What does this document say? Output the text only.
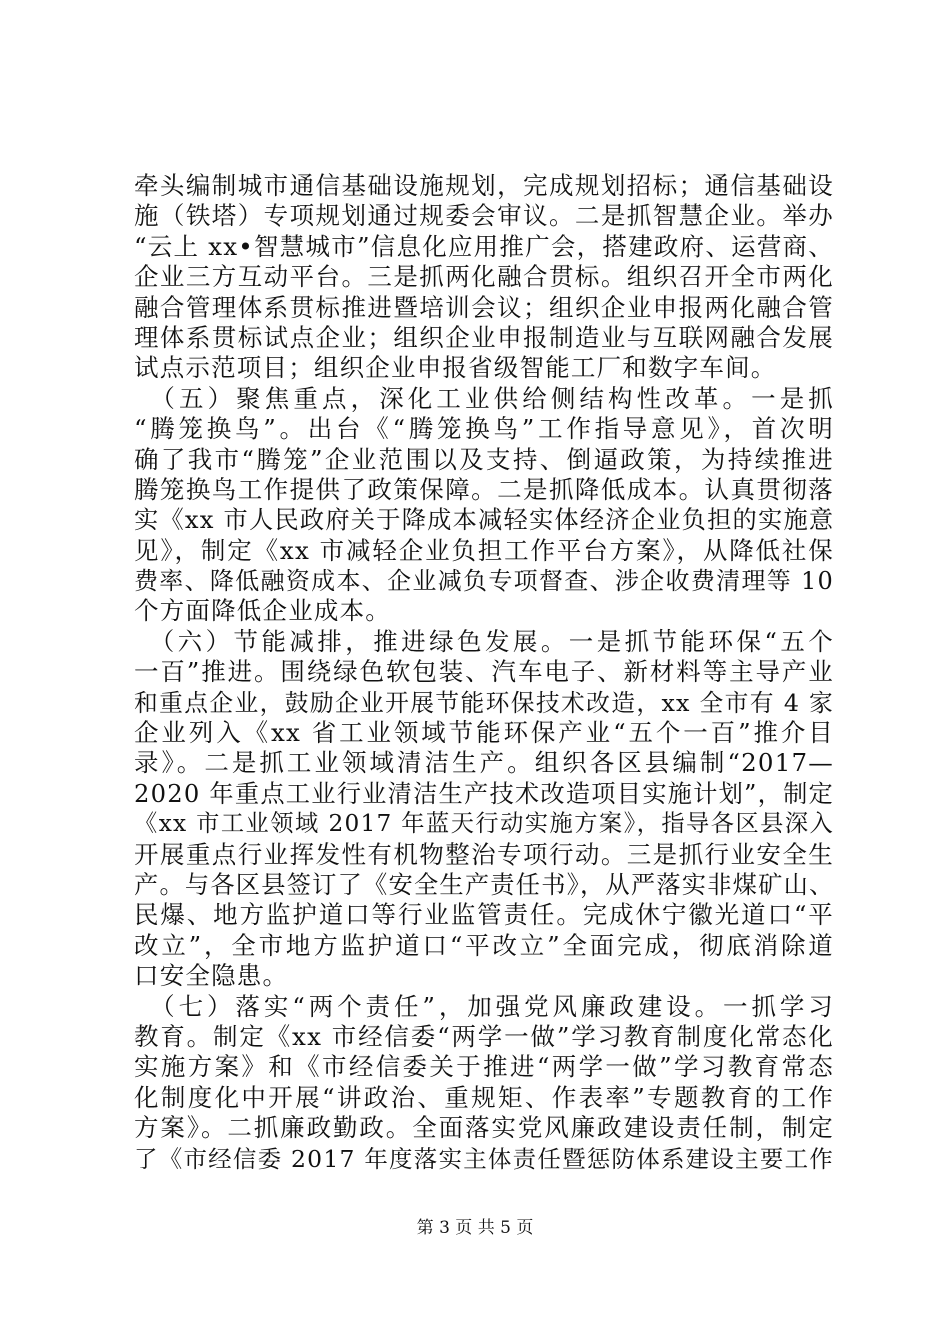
牵头编制城市通信基础设施规划，完成规划招标；通信基础设
施（铁塔）专项规划通过规委会审议。二是抓智慧企业。举办
“云上 xx•智慧城市”信息化应用推广会，搭建政府、运营商、
企业三方互动平台。三是抓两化融合贯标。组织召开全市两化
融合管理体系贯标推进暨培训会议；组织企业申报两化融合管
理体系贯标试点企业；组织企业申报制造业与互联网融合发展
试点示范项目；组织企业申报省级智能工厂和数字车间。
　（五）聚焦重点，深化工业供给侧结构性改革。一是抓
“腾笼换鸟”。出台《“腾笼换鸟”工作指导意见》，首次明
确了我市“腾笼”企业范围以及支持、倒逼政策，为持续推进
腾笼换鸟工作提供了政策保障。二是抓降低成本。认真贯彻落
实《xx 市人民政府关于降成本减轻实体经济企业负担的实施意
见》，制定《xx 市减轻企业负担工作平台方案》，从降低社保
费率、降低融资成本、企业减负专项督查、涉企收费清理等 10
个方面降低企业成本。
　（六）节能减排，推进绿色发展。一是抓节能环保“五个
一百”推进。围绕绿色软包装、汽车电子、新材料等主导产业
和重点企业，鼓励企业开展节能环保技术改造，xx 全市有 4 家
企业列入《xx 省工业领域节能环保产业“五个一百”推介目
录》。二是抓工业领域清洁生产。组织各区县编制“2017—
2020 年重点工业行业清洁生产技术改造项目实施计划”，制定
《xx 市工业领域 2017 年蓝天行动实施方案》，指导各区县深入
开展重点行业挥发性有机物整治专项行动。三是抓行业安全生
产。与各区县签订了《安全生产责任书》，从严落实非煤矿山、
民爆、地方监护道口等行业监管责任。完成休宁徽光道口“平
改立”，全市地方监护道口“平改立”全面完成，彻底消除道
口安全隐患。
　（七）落实“两个责任”，加强党风廉政建设。一抓学习
教育。制定《xx 市经信委“两学一做”学习教育制度化常态化
实施方案》和《市经信委关于推进“两学一做”学习教育常态
化制度化中开展“讲政治、重规矩、作表率”专题教育的工作
方案》。二抓廉政勤政。全面落实党风廉政建设责任制，制定
了《市经信委 2017 年度落实主体责任暨惩防体系建设主要工作
第 3 页 共 5 页
